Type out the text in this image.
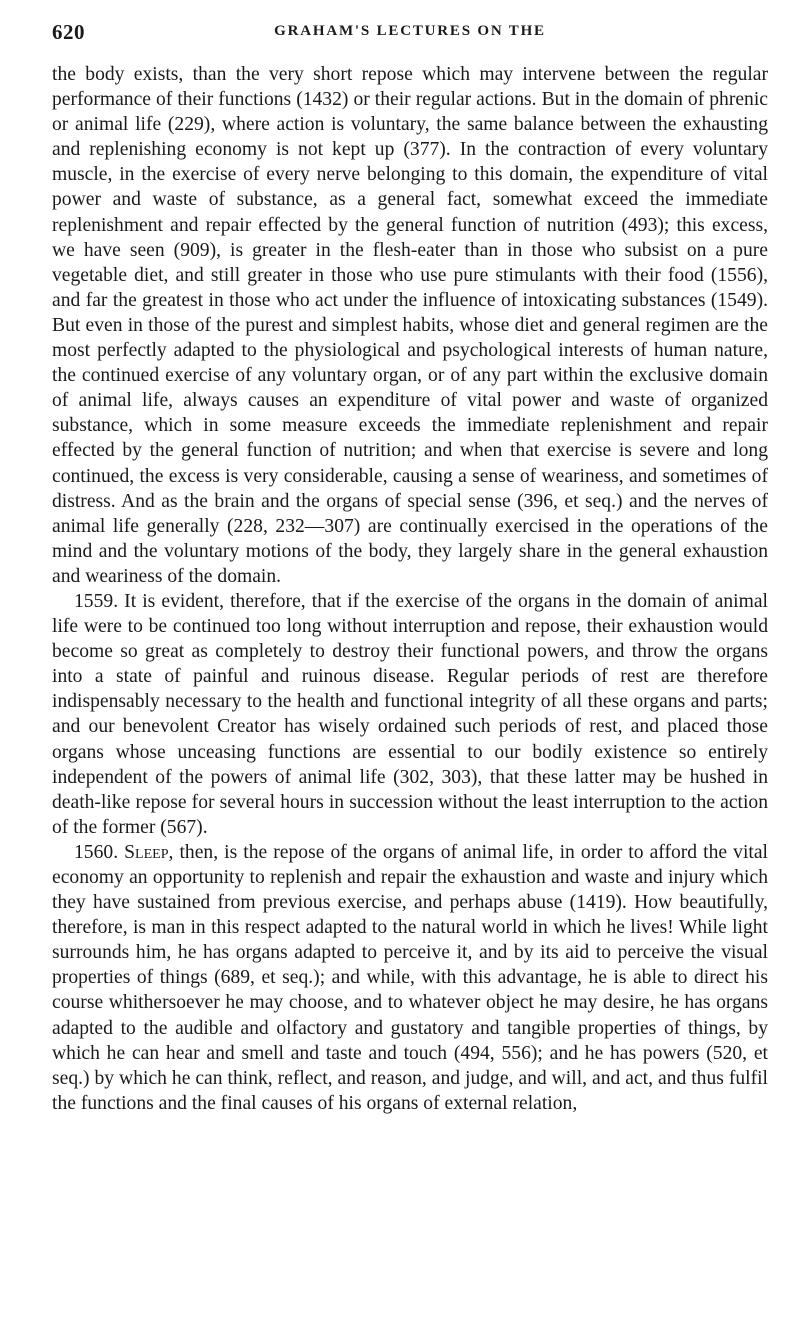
620	GRAHAM'S LECTURES ON THE

the body exists, than the very short repose which may intervene between the regular performance of their functions (1432) or their regular actions. But in the domain of phrenic or animal life (229), where action is voluntary, the same balance between the exhausting and replenishing economy is not kept up (377). In the contraction of every voluntary muscle, in the exercise of every nerve belonging to this domain, the expenditure of vital power and waste of substance, as a general fact, somewhat exceed the immediate replenishment and repair effected by the general function of nutrition (493); this excess, we have seen (909), is greater in the flesh-eater than in those who subsist on a pure vegetable diet, and still greater in those who use pure stimulants with their food (1556), and far the greatest in those who act under the influence of intoxicating substances (1549). But even in those of the purest and simplest habits, whose diet and general regimen are the most perfectly adapted to the physiological and psychological interests of human nature, the continued exercise of any voluntary organ, or of any part within the exclusive domain of animal life, always causes an expenditure of vital power and waste of organized substance, which in some measure exceeds the immediate replenishment and repair effected by the general function of nutrition; and when that exercise is severe and long continued, the excess is very considerable, causing a sense of weariness, and sometimes of distress. And as the brain and the organs of special sense (396, et seq.) and the nerves of animal life generally (228, 232—307) are continually exercised in the operations of the mind and the voluntary motions of the body, they largely share in the general exhaustion and weariness of the domain.

1559. It is evident, therefore, that if the exercise of the organs in the domain of animal life were to be continued too long without interruption and repose, their exhaustion would become so great as completely to destroy their functional powers, and throw the organs into a state of painful and ruinous disease. Regular periods of rest are therefore indispensably necessary to the health and functional integrity of all these organs and parts; and our benevolent Creator has wisely ordained such periods of rest, and placed those organs whose unceasing functions are essential to our bodily existence so entirely independent of the powers of animal life (302, 303), that these latter may be hushed in death-like repose for several hours in succession without the least interruption to the action of the former (567).

1560. Sleep, then, is the repose of the organs of animal life, in order to afford the vital economy an opportunity to replenish and repair the exhaustion and waste and injury which they have sustained from previous exercise, and perhaps abuse (1419). How beautifully, therefore, is man in this respect adapted to the natural world in which he lives! While light surrounds him, he has organs adapted to perceive it, and by its aid to perceive the visual properties of things (689, et seq.); and while, with this advantage, he is able to direct his course whithersoever he may choose, and to whatever object he may desire, he has organs adapted to the audible and olfactory and gustatory and tangible properties of things, by which he can hear and smell and taste and touch (494, 556); and he has powers (520, et seq.) by which he can think, reflect, and reason, and judge, and will, and act, and thus fulfil the functions and the final causes of his organs of external relation,
